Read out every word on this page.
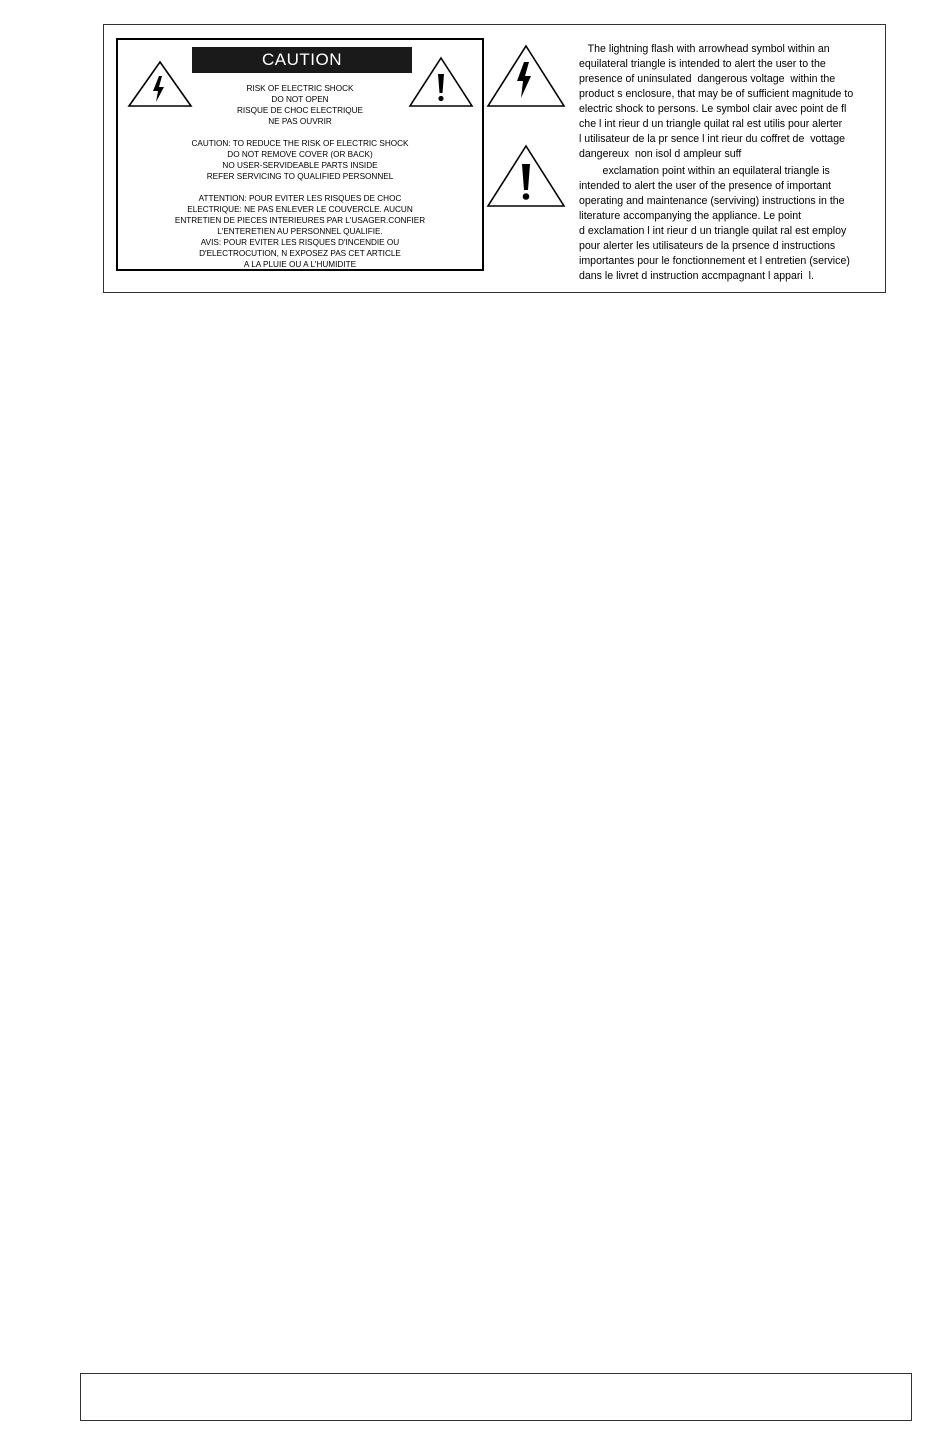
CAUTION
RISK OF ELECTRIC SHOCK
DO NOT OPEN
RISQUE DE CHOC ELECTRIQUE
NE PAS OUVRIR
CAUTION: TO REDUCE THE RISK OF ELECTRIC SHOCK
DO NOT REMOVE COVER (OR BACK)
NO USER-SERVIDEABLE PARTS INSIDE
REFER SERVICING TO QUALIFIED PERSONNEL
ATTENTION: POUR EVITER LES RISQUES DE CHOC
ELECTRIQUE: NE PAS ENLEVER LE COUVERCLE. AUCUN
ENTRETIEN DE PIECES INTERIEURES PAR L'USAGER.CONFIER
L'ENTERETIEN AU PERSONNEL QUALIFIE.
AVIS: POUR EVITER LES RISQUES D'INCENDIE OU
D'ELECTROCUTION, N EXPOSEZ PAS CET ARTICLE
A LA PLUIE OU A L'HUMIDITE
The lightning flash with arrowhead symbol within an
equilateral triangle is intended to alert the user to the
presence of uninsulated  dangerous voltage  within the
product s enclosure, that may be of sufficient magnitude to
electric shock to persons. Le symbol clair avec point de fl
che l int rieur d un triangle quilat ral est utilis pour alerter
l utilisateur de la pr sence l int rieur du coffret de  vottage
dangereux  non isol d ampleur suff
exclamation point within an equilateral triangle is
intended to alert the user of the presence of important
operating and maintenance (serviving) instructions in the
literature accompanying the appliance. Le point
d exclamation l int rieur d un triangle quilat ral est employ
pour alerter les utilisateurs de la prsence d instructions
importantes pour le fonctionnement et l entretien (service)
dans le livret d instruction accmpagnant l appari  l.
